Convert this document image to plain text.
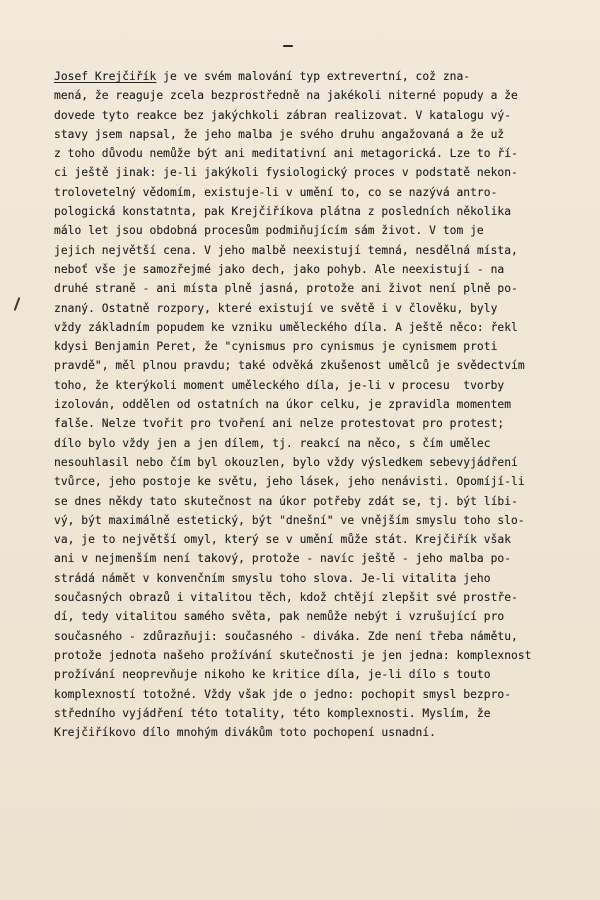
Josef Krejčiřík je ve svém malování typ extrevertní, což zna-
mená, že reaguje zcela bezprostředně na jakékoli niterné popudy a že
dovede tyto reakce bez jakýchkoli zábran realizovat. V katalogu vý-
stavy jsem napsal, že jeho malba je svého druhu angažovaná a že už
z toho důvodu nemůže být ani meditativní ani metagorická. Lze to ří-
ci ještě jinak: je-li jakýkoli fysiologický proces v podstatě nekon-
trolovetelný vědomím, existuje-li v umění to, co se nazývá antro-
pologická konstatnta, pak Krejčiříkova plátna z posledních několika
málo let jsou obdobná procesům podmiňujícím sám život. V tom je
jejich největší cena. V jeho malbě neexistují temná, nesdělná místa,
neboť vše je samozřejmé jako dech, jako pohyb. Ale neexistují - na
druhé straně - ani místa plně jasná, protože ani život není plně po-
znaný. Ostatně rozpory, které existují ve světě i v člověku, byly
vždy základním popudem ke vzniku uměleckého díla. A ještě něco: řekl
kdysi Benjamin Peret, že "cynismus pro cynismus je cynismem proti
pravdě", měl plnou pravdu; také odvěká zkušenost umělců je svědectvím
toho, že kterýkoli moment uměleckého díla, je-li v procesu  tvorby
izolován, oddělen od ostatních na úkor celku, je zpravidla momentem
falše. Nelze tvořit pro tvoření ani nelze protestovat pro protest;
dílo bylo vždy jen a jen dílem, tj. reakcí na něco, s čím umělec
nesouhlasil nebo čím byl okouzlen, bylo vždy výsledkem sebevyjádření
tvůrce, jeho postoje ke světu, jeho lásek, jeho nenávisti. Opomíjí-li
se dnes někdy tato skutečnost na úkor potřeby zdát se, tj. být líbi-
vý, být maximálně estetický, být "dnešní" ve vnějším smyslu toho slo-
va, je to největší omyl, který se v umění může stát. Krejčiřík však
ani v nejmenším není takový, protože - navíc ještě - jeho malba po-
strádá námět v konvenčním smyslu toho slova. Je-li vitalita jeho
současných obrazů i vitalitou těch, kdož chtějí zlepšit své prostře-
dí, tedy vitalitou samého světa, pak nemůže nebýt i vzrušující pro
současného - zdůrazňuji: současného - diváka. Zde není třeba námětu,
protože jednota našeho prožívání skutečnosti je jen jedna: komplexnost
prožívání neoprevňuje nikoho ke kritice díla, je-li dílo s touto
komplexností totožné. Vždy však jde o jedno: pochopit smysl bezpro-
středního vyjádření této totality, této komplexnosti. Myslím, že
Krejčiříkovo dílo mnohým divákům toto pochopení usnadní.
